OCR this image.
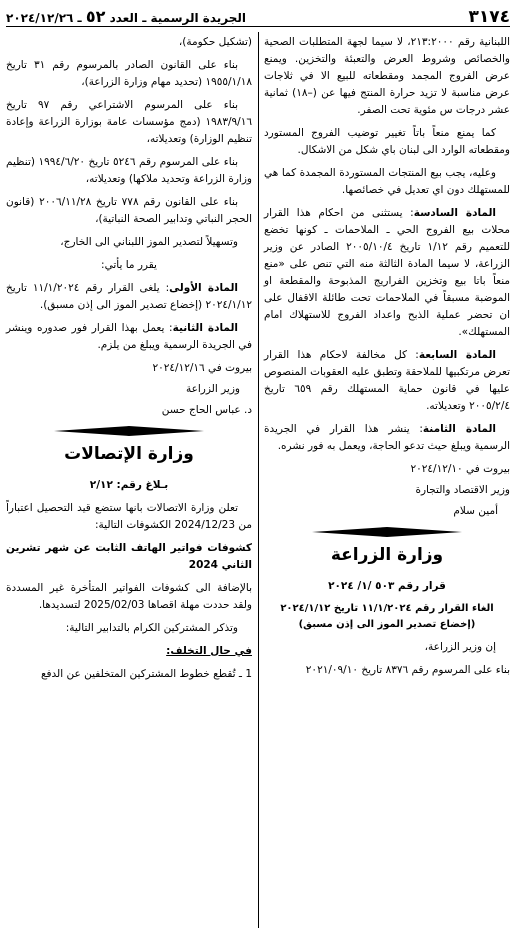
٣١٧٤
الجريدة الرسمية ـ العدد ٥٢ ـ ٢٠٢٤/١٢/٢٦

اللبنانية رقم ٢١٣:٢٠٠٠، لا سيما لجهة المتطلبات الصحية والخصائص وشروط العرض والتعبئة والتخزين. ويمنع عرض الفروج المجمد ومقطعاته للبيع الا في ثلاجات عرض مناسبة لا تزيد حرارة المنتج فيها عن (–١٨) ثمانية عشر درجات س مئوية تحت الصفر.

كما يمنع منعاً باتاً تغيير توضيب الفروج المستورد ومقطعاته الوارد الى لبنان باي شكل من الاشكال.

وعليه، يجب بيع المنتجات المستوردة المجمدة كما هي للمستهلك دون اي تعديل في خصائصها.

المادة السادسة: يستثنى من احكام هذا القرار محلات بيع الفروج الحي ـ الملاحمات ـ كونها تخضع للتعميم رقم ١/١٢ تاريخ ٢٠٠٥/١٠/٤ الصادر عن وزير الزراعة، لا سيما المادة الثالثة منه التي تنص على «منع منعاً باتا بيع وتخزين الفراريج المذبوحة والمقطعة او الموضبة مسبقاً في الملاحمات تحت طائلة الاقفال على ان تحضر عملية الذبح واعداد الفروج للاستهلاك امام المستهلك».

المادة السابعة: كل مخالفة لاحكام هذا القرار تعرض مرتكبيها للملاحقة وتطبق عليه العقوبات المنصوص عليها في قانون حماية المستهلك رقم ٦٥٩ تاريخ ٢٠٠٥/٢/٤ وتعديلاته.

المادة الثامنة: ينشر هذا القرار في الجريدة الرسمية ويبلغ حيث تدعو الحاجة، ويعمل به فور نشره.

بيروت في ٢٠٢٤/١٢/١٠

وزير الاقتصاد والتجارة

أمين سلام

وزارة الزراعة

قرار رقم ٥٠٣ /١/ ٢٠٢٤

الغاء القرار رقم ١١/١/٢٠٢٤ تاريخ ٢٠٢٤/١/١٢

(إخضاع تصدير الموز الى إذن مسبق)

إن وزير الزراعة،

بناء على المرسوم رقم ٨٣٧٦ تاريخ ٢٠٢١/٠٩/١٠

(تشكيل حكومة)،

بناء على القانون الصادر بالمرسوم رقم ٣١ تاريخ ١٩٥٥/١/١٨ (تحديد مهام وزارة الزراعة)،

بناء على المرسوم الاشتراعي رقم ٩٧ تاريخ ١٩٨٣/٩/١٦ (دمج مؤسسات عامة بوزارة الزراعة وإعادة تنظيم الوزارة) وتعديلاته،

بناء على المرسوم رقم ٥٢٤٦ تاريخ ١٩٩٤/٦/٢٠ (تنظيم وزارة الزراعة وتحديد ملاكها) وتعديلاته،

بناء على القانون رقم ٧٧٨ تاريخ ٢٠٠٦/١١/٢٨ (قانون الحجر النباتي وتدابير الصحة النباتية)،

وتسهيلاً لتصدير الموز اللبناني الى الخارج،

يقرر ما يأتي:

المادة الأولى: يلغى القرار رقم ١١/١/٢٠٢٤ تاريخ ٢٠٢٤/١/١٢ (إخضاع تصدير الموز الى إذن مسبق).

المادة الثانية: يعمل بهذا القرار فور صدوره وينشر في الجريدة الرسمية ويبلغ من يلزم.

بيروت في ٢٠٢٤/١٢/١٦

وزير الزراعة

د. عباس الحاج حسن

وزارة الإتصالات

بـلاغ رقم: ٢/١٢

تعلن وزارة الاتصالات بانها ستضع قيد التحصيل اعتباراً من 2024/12/23 الكشوفات التالية:

كشوفات فواتير الهاتف الثابت عن شهر تشرين الثاني 2024

بالإضافة الى كشوفات الفواتير المتأخرة غير المسددة ولقد حددت مهلة اقصاها 2025/02/03 لتسديدها.

وتذكر المشتركين الكرام بالتدابير التالية:

في حال التخلف:

1 ـ تُقطع خطوط المشتركين المتخلفين عن الدفع
